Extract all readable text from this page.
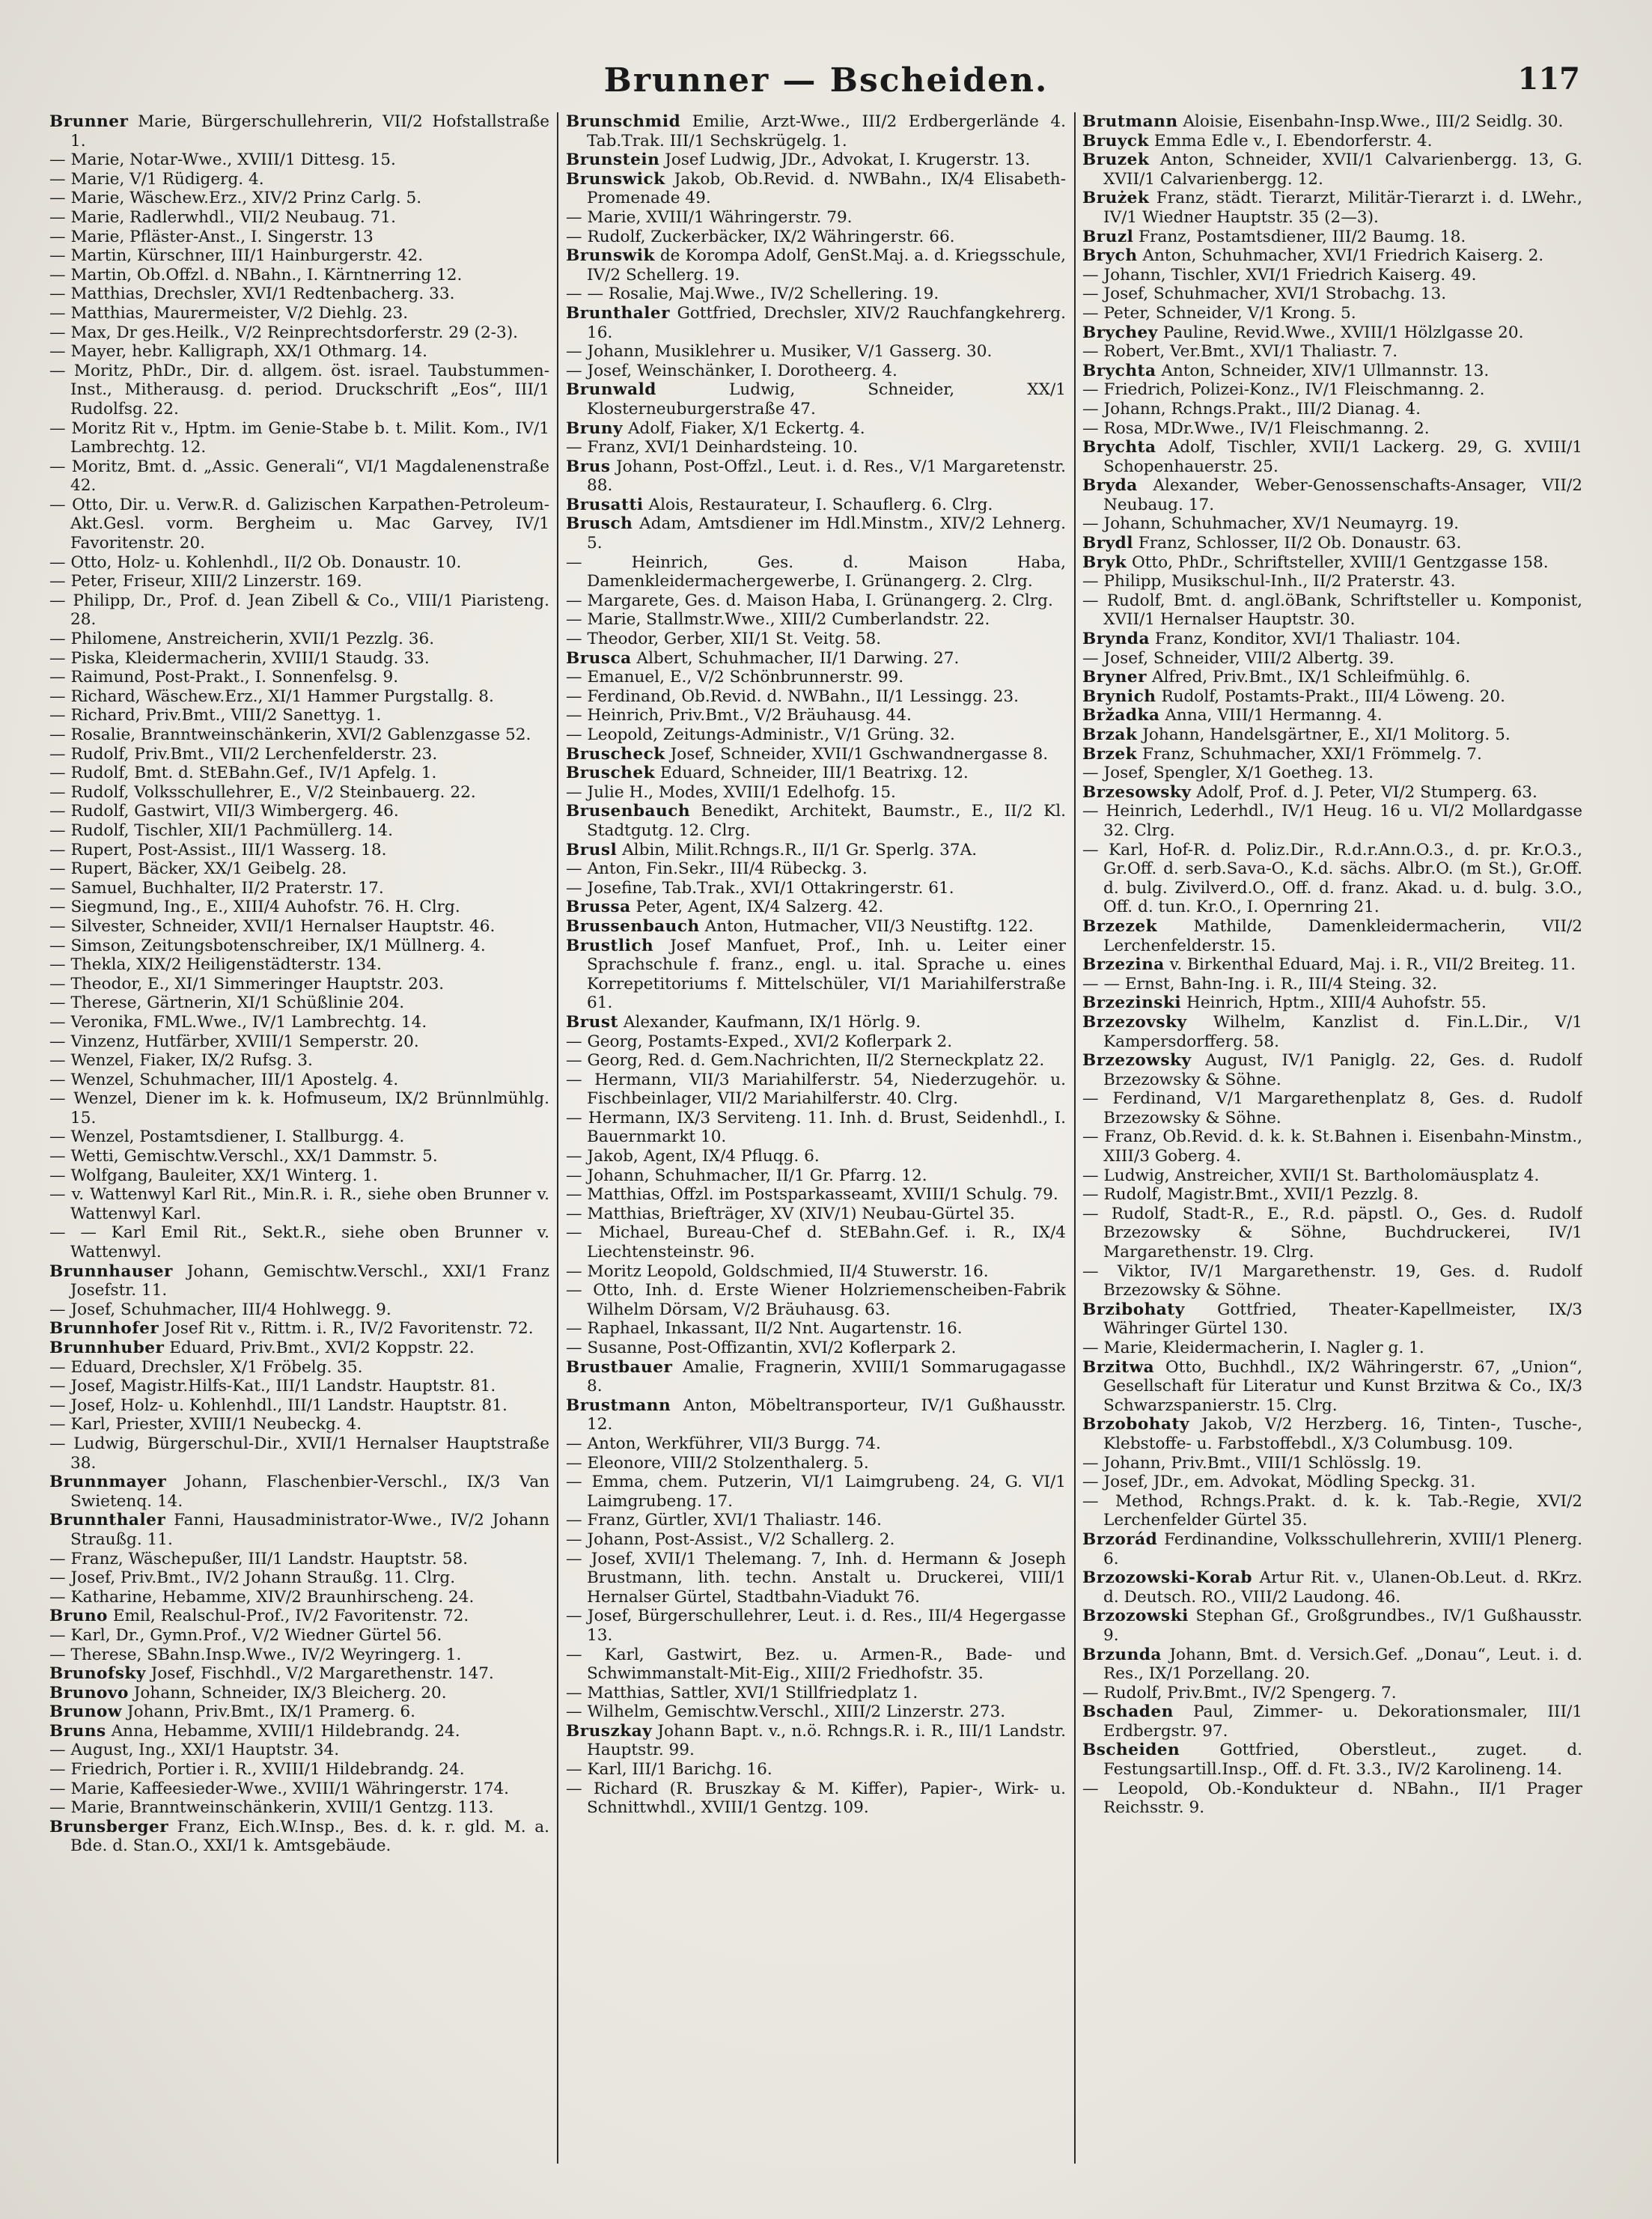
Brunner — Bscheiden.	117

Brunner Marie, Bürgerschullehrerin, VII/2 Hofstallstraße 1.

— Marie, Notar-Wwe., XVIII/1 Dittesg. 15.

— Marie, V/1 Rüdigerg. 4.

— Marie, Wäschew.Erz., XIV/2 Prinz Carlg. 5.

— Marie, Radlerwhdl., VII/2 Neubaug. 71.

— Marie, Pfläster-Anst., I. Singerstr. 13

— Martin, Kürschner, III/1 Hainburgerstr. 42.

— Martin, Ob.Offzl. d. NBahn., I. Kärntnerring 12.

— Matthias, Drechsler, XVI/1 Redtenbacherg. 33.

— Matthias, Maurermeister, V/2 Diehlg. 23.

— Max, Dr ges.Heilk., V/2 Reinprechtsdorferstr. 29 (2-3).

— Mayer, hebr. Kalligraph, XX/1 Othmarg. 14.

— Moritz, PhDr., Dir. d. allgem. öst. israel. Taubstummen-Inst., Mitherausg. d. period. Druckschrift „Eos“, III/1 Rudolfsg. 22.

— Moritz Rit v., Hptm. im Genie-Stabe b. t. Milit. Kom., IV/1 Lambrechtg. 12.

— Moritz, Bmt. d. „Assic. Generali“, VI/1 Magdalenenstraße 42.

— Otto, Dir. u. Verw.R. d. Galizischen Karpathen-Petroleum-Akt.Gesl. vorm. Bergheim u. Mac Garvey, IV/1 Favoritenstr. 20.

— Otto, Holz- u. Kohlenhdl., II/2 Ob. Donaustr. 10.

— Peter, Friseur, XIII/2 Linzerstr. 169.

— Philipp, Dr., Prof. d. Jean Zibell & Co., VIII/1 Piaristeng. 28.

— Philomene, Anstreicherin, XVII/1 Pezzlg. 36.

— Piska, Kleidermacherin, XVIII/1 Staudg. 33.

— Raimund, Post-Prakt., I. Sonnenfelsg. 9.

— Richard, Wäschew.Erz., XI/1 Hammer Purgstallg. 8.

— Richard, Priv.Bmt., VIII/2 Sanettyg. 1.

— Rosalie, Branntweinschänkerin, XVI/2 Gablenzgasse 52.

— Rudolf, Priv.Bmt., VII/2 Lerchenfelderstr. 23.

— Rudolf, Bmt. d. StEBahn.Gef., IV/1 Apfelg. 1.

— Rudolf, Volksschullehrer, E., V/2 Steinbauerg. 22.

— Rudolf, Gastwirt, VII/3 Wimbergerg. 46.

— Rudolf, Tischler, XII/1 Pachmüllerg. 14.

— Rupert, Post-Assist., III/1 Wasserg. 18.

— Rupert, Bäcker, XX/1 Geibelg. 28.

— Samuel, Buchhalter, II/2 Praterstr. 17.

— Siegmund, Ing., E., XIII/4 Auhofstr. 76. H. Clrg.

— Silvester, Schneider, XVII/1 Hernalser Hauptstr. 46.

— Simson, Zeitungsbotenschreiber, IX/1 Müllnerg. 4.

— Thekla, XIX/2 Heiligenstädterstr. 134.

— Theodor, E., XI/1 Simmeringer Hauptstr. 203.

— Therese, Gärtnerin, XI/1 Schüßlinie 204.

— Veronika, FML.Wwe., IV/1 Lambrechtg. 14.

— Vinzenz, Hutfärber, XVIII/1 Semperstr. 20.

— Wenzel, Fiaker, IX/2 Rufsg. 3.

— Wenzel, Schuhmacher, III/1 Apostelg. 4.

— Wenzel, Diener im k. k. Hofmuseum, IX/2 Brünnlmühlg. 15.

— Wenzel, Postamtsdiener, I. Stallburgg. 4.

— Wetti, Gemischtw.Verschl., XX/1 Dammstr. 5.

— Wolfgang, Bauleiter, XX/1 Winterg. 1.

— v. Wattenwyl Karl Rit., Min.R. i. R., siehe oben Brunner v. Wattenwyl Karl.

— — Karl Emil Rit., Sekt.R., siehe oben Brunner v. Wattenwyl.

Brunnhauser Johann, Gemischtw.Verschl., XXI/1 Franz Josefstr. 11.

— Josef, Schuhmacher, III/4 Hohlwegg. 9.

Brunnhofer Josef Rit v., Rittm. i. R., IV/2 Favoritenstr. 72.

Brunnhuber Eduard, Priv.Bmt., XVI/2 Koppstr. 22.

— Eduard, Drechsler, X/1 Fröbelg. 35.

— Josef, Magistr.Hilfs-Kat., III/1 Landstr. Hauptstr. 81.

— Josef, Holz- u. Kohlenhdl., III/1 Landstr. Hauptstr. 81.

— Karl, Priester, XVIII/1 Neubeckg. 4.

— Ludwig, Bürgerschul-Dir., XVII/1 Hernalser Hauptstraße 38.

Brunnmayer Johann, Flaschenbier-Verschl., IX/3 Van Swietenq. 14.

Brunnthaler Fanni, Hausadministrator-Wwe., IV/2 Johann Straußg. 11.

— Franz, Wäschepußer, III/1 Landstr. Hauptstr. 58.

— Josef, Priv.Bmt., IV/2 Johann Straußg. 11. Clrg.

— Katharine, Hebamme, XIV/2 Braunhirscheng. 24.

Bruno Emil, Realschul-Prof., IV/2 Favoritenstr. 72.

— Karl, Dr., Gymn.Prof., V/2 Wiedner Gürtel 56.

— Therese, SBahn.Insp.Wwe., IV/2 Weyringerg. 1.

Brunofsky Josef, Fischhdl., V/2 Margarethenstr. 147.

Brunovo Johann, Schneider, IX/3 Bleicherg. 20.

Brunow Johann, Priv.Bmt., IX/1 Pramerg. 6.

Bruns Anna, Hebamme, XVIII/1 Hildebrandg. 24.

— August, Ing., XXI/1 Hauptstr. 34.

— Friedrich, Portier i. R., XVIII/1 Hildebrandg. 24.

— Marie, Kaffeesieder-Wwe., XVIII/1 Währingerstr. 174.

— Marie, Branntweinschänkerin, XVIII/1 Gentzg. 113.

Brunsberger Franz, Eich.W.Insp., Bes. d. k. r. gld. M. a. Bde. d. Stan.O., XXI/1 k. Amtsgebäude.

Brunschmid Emilie, Arzt-Wwe., III/2 Erdbergerlände 4. Tab.Trak. III/1 Sechskrügelg. 1.

Brunstein Josef Ludwig, JDr., Advokat, I. Krugerstr. 13.

Brunswick Jakob, Ob.Revid. d. NWBahn., IX/4 Elisabeth-Promenade 49.

— Marie, XVIII/1 Währingerstr. 79.

— Rudolf, Zuckerbäcker, IX/2 Währingerstr. 66.

Brunswik de Korompa Adolf, GenSt.Maj. a. d. Kriegsschule, IV/2 Schellerg. 19.

— — Rosalie, Maj.Wwe., IV/2 Schellering. 19.

Brunthaler Gottfried, Drechsler, XIV/2 Rauchfangkehrerg. 16.

— Johann, Musiklehrer u. Musiker, V/1 Gasserg. 30.

— Josef, Weinschänker, I. Dorotheerg. 4.

Brunwald	Ludwig, Schneider, XX/1 Klosterneuburgerstraße 47.

Bruny Adolf, Fiaker, X/1 Eckertg. 4.

— Franz, XVI/1 Deinhardsteing. 10.

Brus Johann, Post-Offzl., Leut. i. d. Res., V/1 Margaretenstr. 88.

Brusatti Alois, Restaurateur, I. Schauflerg. 6. Clrg.

Brusch Adam, Amtsdiener im Hdl.Minstm., XIV/2 Lehnerg. 5.

— Heinrich, Ges. d. Maison Haba, Damenkleidermachergewerbe, I. Grünangerg. 2. Clrg.

— Margarete, Ges. d. Maison Haba, I. Grünangerg. 2. Clrg.

— Marie, Stallmstr.Wwe., XIII/2 Cumberlandstr. 22.

— Theodor, Gerber, XII/1 St. Veitg. 58.

Brusca Albert, Schuhmacher, II/1 Darwing. 27.

— Emanuel, E., V/2 Schönbrunnerstr. 99.

— Ferdinand, Ob.Revid. d. NWBahn., II/1 Lessingg. 23.

— Heinrich, Priv.Bmt., V/2 Bräuhausg. 44.

— Leopold, Zeitungs-Administr., V/1 Grüng. 32.

Bruscheck Josef, Schneider, XVII/1 Gschwandnergasse 8.

Bruschek Eduard, Schneider, III/1 Beatrixg. 12.

— Julie H., Modes, XVIII/1 Edelhofg. 15.

Brusenbauch Benedikt, Architekt, Baumstr., E., II/2 Kl. Stadtgutg. 12. Clrg.

Brusl Albin, Milit.Rchngs.R., II/1 Gr. Sperlg. 37A.

— Anton, Fin.Sekr., III/4 Rübeckg. 3.

— Josefine, Tab.Trak., XVI/1 Ottakringerstr. 61.

Brussa Peter, Agent, IX/4 Salzerg. 42.

Brussenbauch Anton, Hutmacher, VII/3 Neustiftg. 122.

Brustlich Josef Manfuet, Prof., Inh. u. Leiter einer Sprachschule f. franz., engl. u. ital. Sprache u. eines Korrepetitoriums f. Mittelschüler, VI/1 Mariahilferstraße 61.

Brust Alexander, Kaufmann, IX/1 Hörlg. 9.

— Georg, Postamts-Exped., XVI/2 Koflerpark 2.

— Georg, Red. d. Gem.Nachrichten, II/2 Sterneckplatz 22.

— Hermann, VII/3 Mariahilferstr. 54, Niederzugehör. u. Fischbeinlager, VII/2 Mariahilferstr. 40. Clrg.

— Hermann, IX/3 Serviteng. 11. Inh. d. Brust, Seidenhdl., I. Bauernmarkt 10.

— Jakob, Agent, IX/4 Pfluqg. 6.

— Johann, Schuhmacher, II/1 Gr. Pfarrg. 12.

— Matthias, Offzl. im Postsparkasseamt, XVIII/1 Schulg. 79.

— Matthias, Briefträger, XV (XIV/1) Neubau-Gürtel 35.

— Michael, Bureau-Chef d. StEBahn.Gef. i. R., IX/4 Liechtensteinstr. 96.

— Moritz Leopold, Goldschmied, II/4 Stuwerstr. 16.

— Otto, Inh. d. Erste Wiener Holzriemenscheiben-Fabrik Wilhelm Dörsam, V/2 Bräuhausg. 63.

— Raphael, Inkassant, II/2 Nnt. Augartenstr. 16.

— Susanne, Post-Offizantin, XVI/2 Koflerpark 2.

Brustbauer Amalie, Fragnerin, XVIII/1 Sommarugagasse 8.

Brustmann Anton, Möbeltransporteur, IV/1 Gußhausstr. 12.

— Anton, Werkführer, VII/3 Burgg. 74.

— Eleonore, VIII/2 Stolzenthalerg. 5.

— Emma, chem. Putzerin, VI/1 Laimgrubeng. 24, G. VI/1 Laimgrubeng. 17.

— Franz, Gürtler, XVI/1 Thaliastr. 146.

— Johann, Post-Assist., V/2 Schallerg. 2.

— Josef, XVII/1 Thelemang. 7, Inh. d. Hermann & Joseph Brustmann, lith. techn. Anstalt u. Druckerei, VIII/1 Hernalser Gürtel, Stadtbahn-Viadukt 76.

— Josef, Bürgerschullehrer, Leut. i. d. Res., III/4 Hegergasse 13.

— Karl, Gastwirt, Bez. u. Armen-R., Bade- und Schwimmanstalt-Mit-Eig., XIII/2 Friedhofstr. 35.

— Matthias, Sattler, XVI/1 Stillfriedplatz 1.

— Wilhelm, Gemischtw.Verschl., XIII/2 Linzerstr. 273.

Bruszkay Johann Bapt. v., n.ö. Rchngs.R. i. R., III/1 Landstr. Hauptstr. 99.

— Karl, III/1 Barichg. 16.

— Richard (R. Bruszkay & M. Kiffer), Papier-, Wirk- u. Schnittwhdl., XVIII/1 Gentzg. 109.

Brutmann Aloisie, Eisenbahn-Insp.Wwe., III/2 Seidlg. 30.

Bruyck Emma Edle v., I. Ebendorferstr. 4.

Bruzek Anton, Schneider, XVII/1 Calvarienbergg. 13, G. XVII/1 Calvarienbergg. 12.

Brużek Franz, städt. Tierarzt, Militär-Tierarzt i. d. LWehr., IV/1 Wiedner Hauptstr. 35 (2—3).

Bruzl Franz, Postamtsdiener, III/2 Baumg. 18.

Brych Anton, Schuhmacher, XVI/1 Friedrich Kaiserg. 2.

— Johann, Tischler, XVI/1 Friedrich Kaiserg. 49.

— Josef, Schuhmacher, XVI/1 Strobachg. 13.

— Peter, Schneider, V/1 Krong. 5.

Brychey Pauline, Revid.Wwe., XVIII/1 Hölzlgasse 20.

— Robert, Ver.Bmt., XVI/1 Thaliastr. 7.

Brychta Anton, Schneider, XIV/1 Ullmannstr. 13.

— Friedrich, Polizei-Konz., IV/1 Fleischmanng. 2.

— Johann, Rchngs.Prakt., III/2 Dianag. 4.

— Rosa, MDr.Wwe., IV/1 Fleischmanng. 2.

Brychta Adolf, Tischler, XVII/1 Lackerg. 29, G. XVIII/1 Schopenhauerstr. 25.

Bryda Alexander, Weber-Genossenschafts-Ansager, VII/2 Neubaug. 17.

— Johann, Schuhmacher, XV/1 Neumayrg. 19.

Brydl Franz, Schlosser, II/2 Ob. Donaustr. 63.

Bryk Otto, PhDr., Schriftsteller, XVIII/1 Gentzgasse 158.

— Philipp, Musikschul-Inh., II/2 Praterstr. 43.

— Rudolf, Bmt. d. angl.öBank, Schriftsteller u. Komponist, XVII/1 Hernalser Hauptstr. 30.

Brynda Franz, Konditor, XVI/1 Thaliastr. 104.

— Josef, Schneider, VIII/2 Albertg. 39.

Bryner Alfred, Priv.Bmt., IX/1 Schleifmühlg. 6.

Brynich Rudolf, Postamts-Prakt., III/4 Löweng. 20.

Bržadka Anna, VIII/1 Hermanng. 4.

Brzak Johann, Handelsgärtner, E., XI/1 Molitorg. 5.

Brzek Franz, Schuhmacher, XXI/1 Frömmelg. 7.

— Josef, Spengler, X/1 Goetheg. 13.

Brzesowsky Adolf, Prof. d. J. Peter, VI/2 Stumperg. 63.

— Heinrich, Lederhdl., IV/1 Heug. 16 u. VI/2 Mollardgasse 32. Clrg.

— Karl, Hof-R. d. Poliz.Dir., R.d.r.Ann.O.3., d. pr. Kr.O.3., Gr.Off. d. serb.Sava-O., K.d. sächs. Albr.O. (m St.), Gr.Off. d. bulg. Zivilverd.O., Off. d. franz. Akad. u. d. bulg. 3.O., Off. d. tun. Kr.O., I. Opernring 21.

Brzezek Mathilde, Damenkleidermacherin, VII/2 Lerchenfelderstr. 15.

Brzezina v. Birkenthal Eduard, Maj. i. R., VII/2 Breiteg. 11.

— — Ernst, Bahn-Ing. i. R., III/4 Steing. 32.

Brzezinski Heinrich, Hptm., XIII/4 Auhofstr. 55.

Brzezovsky Wilhelm, Kanzlist d. Fin.L.Dir., V/1 Kampersdorfferg. 58.

Brzezowsky August, IV/1 Paniglg. 22, Ges. d. Rudolf Brzezowsky & Söhne.

— Ferdinand, V/1 Margarethenplatz 8, Ges. d. Rudolf Brzezowsky & Söhne.

— Franz, Ob.Revid. d. k. k. St.Bahnen i. Eisenbahn-Minstm., XIII/3 Goberg. 4.

— Ludwig, Anstreicher, XVII/1 St. Bartholomäusplatz 4.

— Rudolf, Magistr.Bmt., XVII/1 Pezzlg. 8.

— Rudolf, Stadt-R., E., R.d. päpstl. O., Ges. d. Rudolf Brzezowsky & Söhne, Buchdruckerei, IV/1 Margarethenstr. 19. Clrg.

— Viktor, IV/1 Margarethenstr. 19, Ges. d. Rudolf Brzezowsky & Söhne.

Brzibohaty Gottfried, Theater-Kapellmeister, IX/3 Währinger Gürtel 130.

— Marie, Kleidermacherin, I. Nagler g. 1.

Brzitwa Otto, Buchhdl., IX/2 Währingerstr. 67, „Union“, Gesellschaft für Literatur und Kunst Brzitwa & Co., IX/3 Schwarzspanierstr. 15. Clrg.

Brzobohaty Jakob, V/2 Herzberg. 16, Tinten-, Tusche-, Klebstoffe- u. Farbstoffebdl., X/3 Columbusg. 109.

— Johann, Priv.Bmt., VIII/1 Schlösslg. 19.

— Josef, JDr., em. Advokat, Mödling Speckg. 31.

— Method, Rchngs.Prakt. d. k. k. Tab.-Regie, XVI/2 Lerchenfelder Gürtel 35.

Brzorád Ferdinandine, Volksschullehrerin, XVIII/1 Plenerg. 6.

Brzozowski-Korab Artur Rit. v., Ulanen-Ob.Leut. d. RKrz. d. Deutsch. RO., VIII/2 Laudong. 46.

Brzozowski Stephan Gf., Großgrundbes., IV/1 Gußhausstr. 9.

Brzunda Johann, Bmt. d. Versich.Gef. „Donau“, Leut. i. d. Res., IX/1 Porzellang. 20.

— Rudolf, Priv.Bmt., IV/2 Spengerg. 7.

Bschaden Paul, Zimmer- u. Dekorationsmaler, III/1 Erdbergstr. 97.

Bscheiden Gottfried, Oberstleut., zuget. d. Festungsartill.Insp., Off. d. Ft. 3.3., IV/2 Karolineng. 14.

— Leopold, Ob.-Kondukteur d. NBahn., II/1 Prager Reichsstr. 9.
